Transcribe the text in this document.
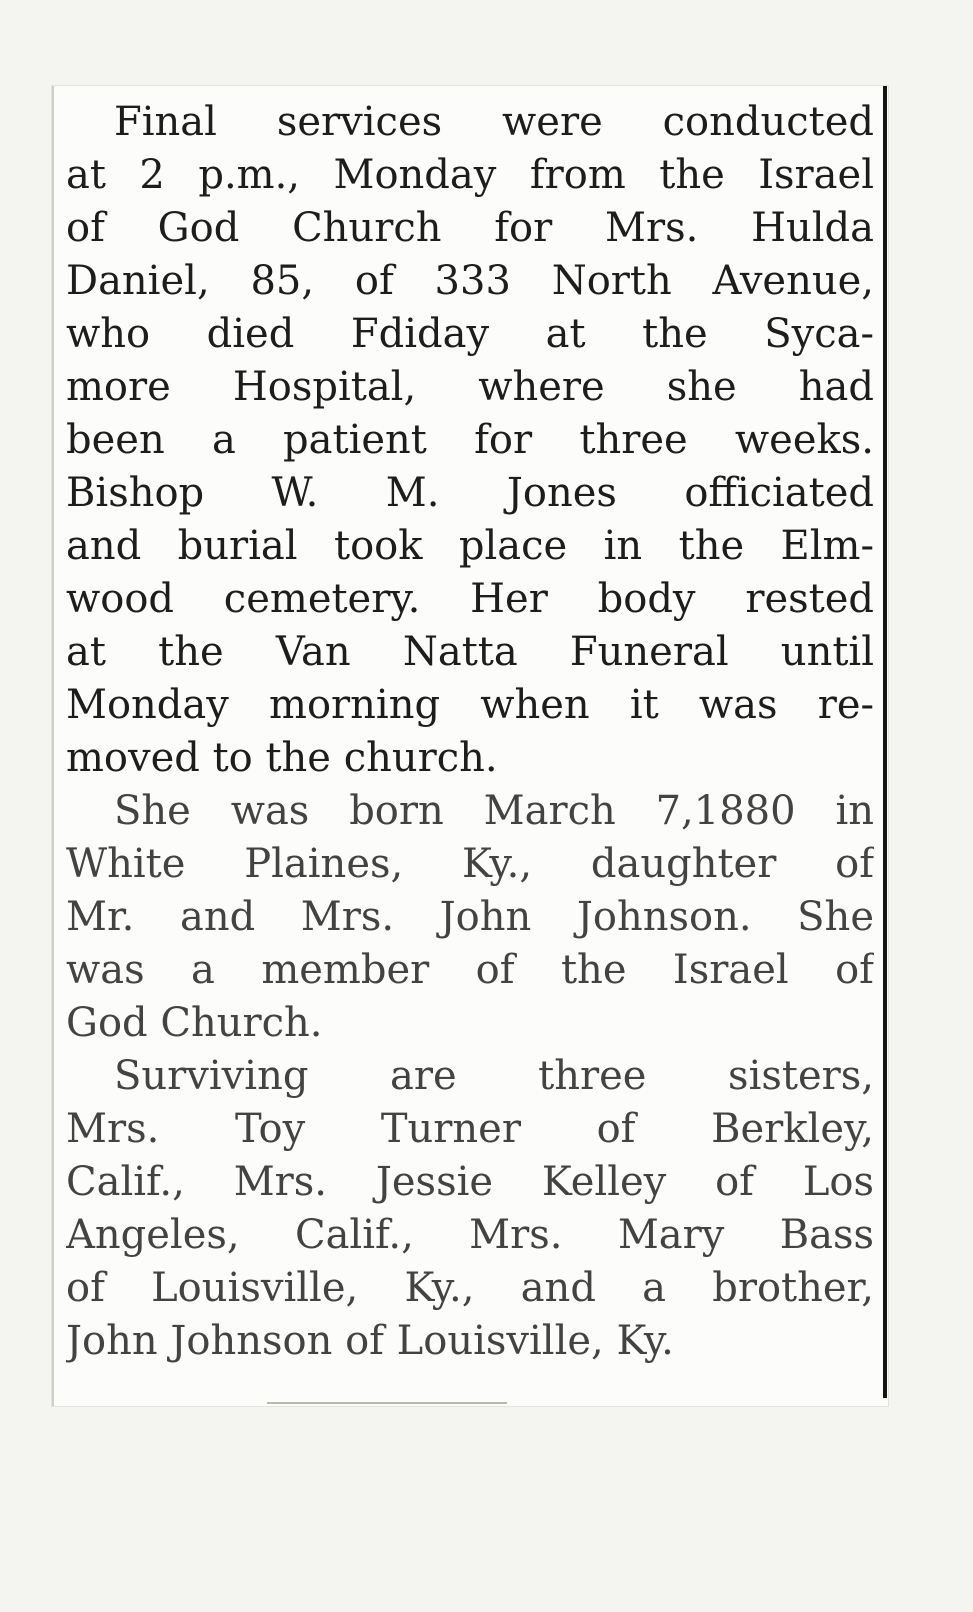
Final services were conducted
at 2 p.m., Monday from the Israel
of God Church for Mrs. Hulda
Daniel, 85, of 333 North Avenue,
who died Fdiday at the Syca-
more Hospital, where she had
been a patient for three weeks.
Bishop W. M. Jones officiated
and burial took place in the Elm-
wood cemetery. Her body rested
at the Van Natta Funeral until
Monday morning when it was re-
moved to the church.

She was born March 7,1880 in
White Plaines, Ky., daughter of
Mr. and Mrs. John Johnson. She
was a member of the Israel of
God Church.

Surviving are three sisters,
Mrs. Toy Turner of Berkley,
Calif., Mrs. Jessie Kelley of Los
Angeles, Calif., Mrs. Mary Bass
of Louisville, Ky., and a brother,
John Johnson of Louisville, Ky.
